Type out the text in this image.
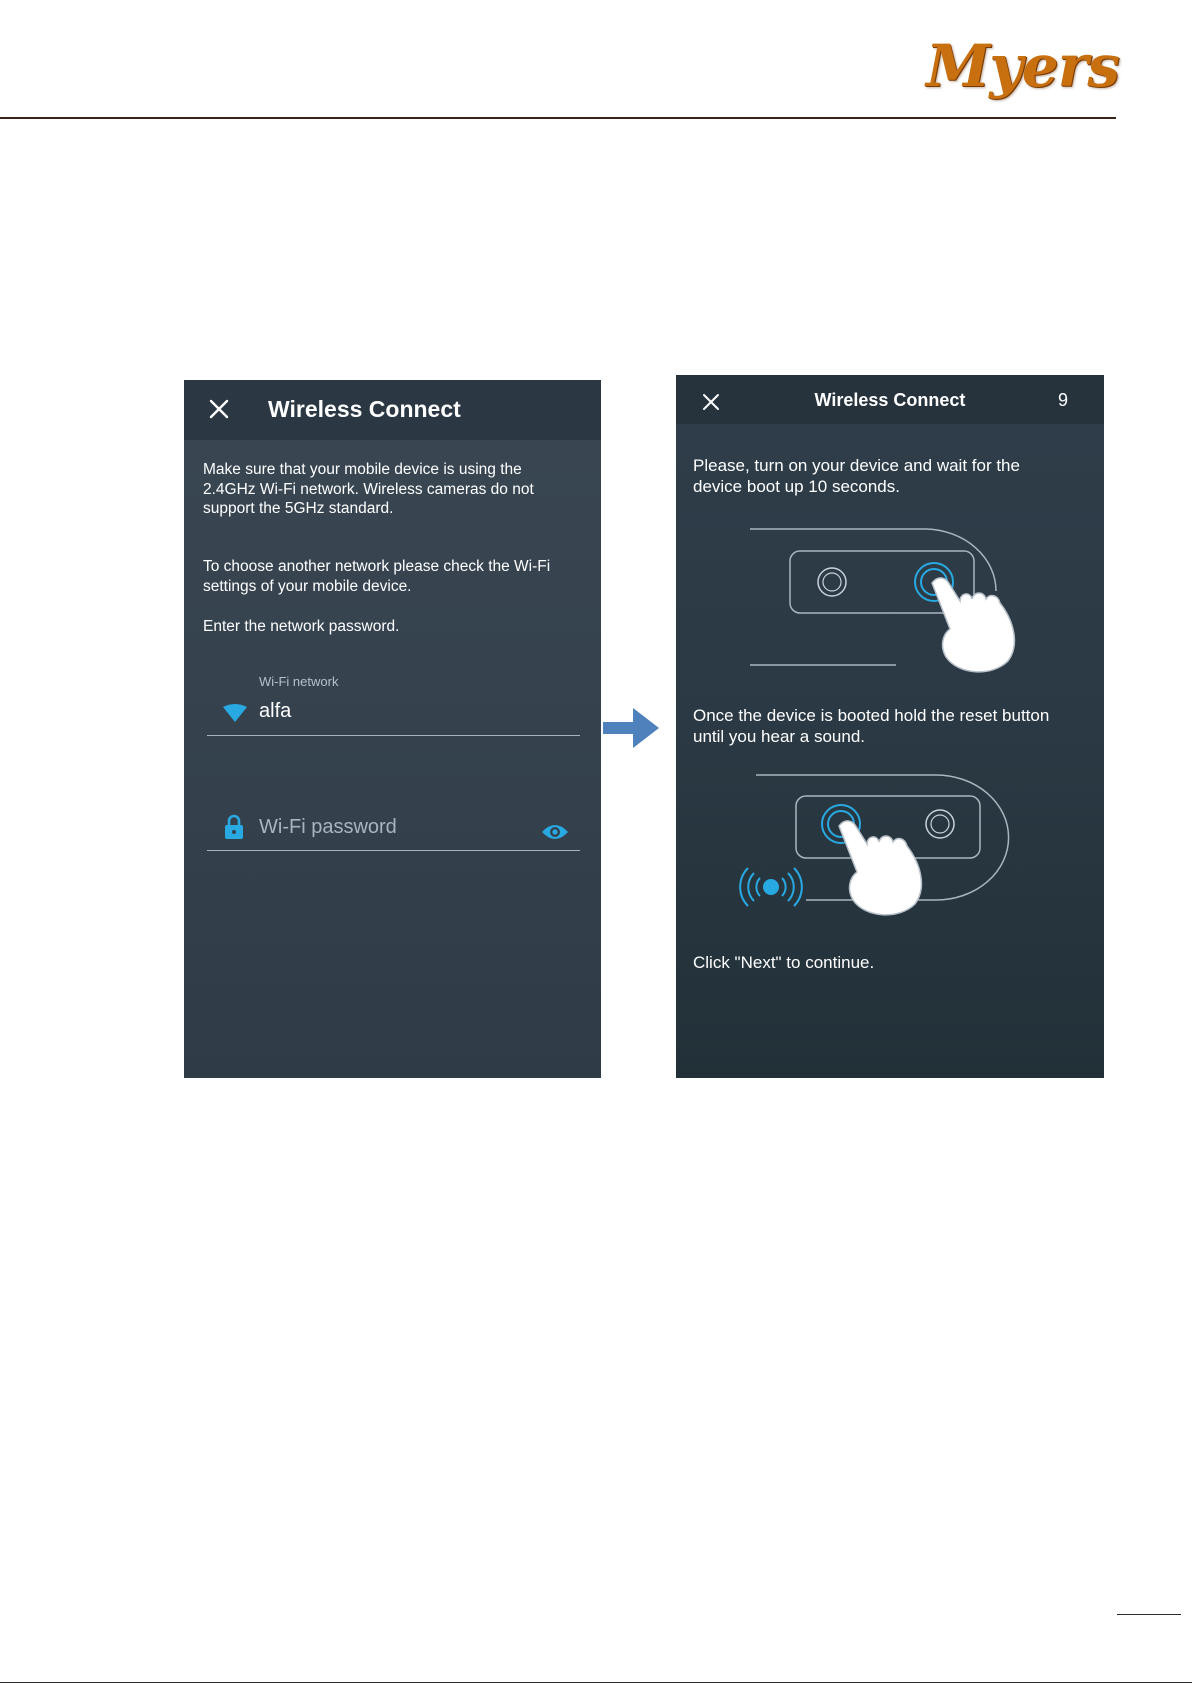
Myers
Wireless Connect
Make sure that your mobile device is using the
2.4GHz Wi-Fi network. Wireless cameras do not
support the 5GHz standard.
To choose another network please check the Wi-Fi
settings of your mobile device.
Enter the network password.
Wi-Fi network
alfa
Wi-Fi password
Wireless Connect	9
Please, turn on your device and wait for the
device boot up 10 seconds.
Once the device is booted hold the reset button
until you hear a sound.
Click "Next" to continue.
